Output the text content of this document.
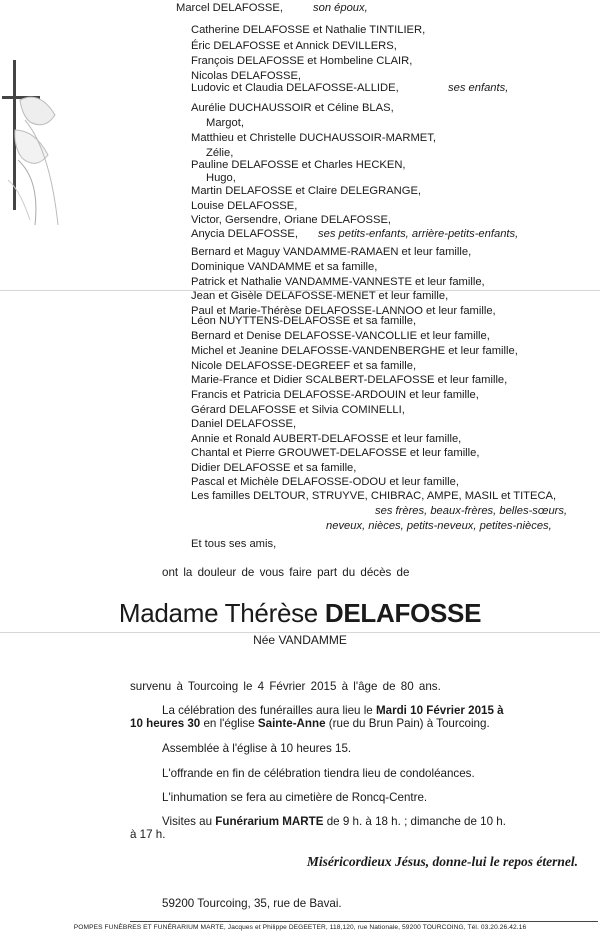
Marcel DELAFOSSE,	son époux,
Catherine DELAFOSSE et Nathalie TINTILIER,
Éric DELAFOSSE et Annick DEVILLERS,
François DELAFOSSE et Hombeline CLAIR,
Nicolas DELAFOSSE,
Ludovic et Claudia DELAFOSSE-ALLIDE,	ses enfants,
Aurélie DUCHAUSSOIR et Céline BLAS,
Margot,
Matthieu et Christelle DUCHAUSSOIR-MARMET,
Zélie,
Pauline DELAFOSSE et Charles HECKEN,
Hugo,
Martin DELAFOSSE et Claire DELEGRANGE,
Louise DELAFOSSE,
Victor, Gersendre, Oriane DELAFOSSE,
Anycia DELAFOSSE, ses petits-enfants, arrière-petits-enfants,
Bernard et Maguy VANDAMME-RAMAEN et leur famille,
Dominique VANDAMME et sa famille,
Patrick et Nathalie VANDAMME-VANNESTE et leur famille,
Jean et Gisèle DELAFOSSE-MENET et leur famille,
Paul et Marie-Thérèse DELAFOSSE-LANNOO et leur famille,
Léon NUYTTENS-DELAFOSSE et sa famille,
Bernard et Denise DELAFOSSE-VANCOLLIE et leur famille,
Michel et Jeanine DELAFOSSE-VANDENBERGHE et leur famille,
Nicole DELAFOSSE-DEGREEF et sa famille,
Marie-France et Didier SCALBERT-DELAFOSSE et leur famille,
Francis et Patricia DELAFOSSE-ARDOUIN et leur famille,
Gérard DELAFOSSE et Silvia COMINELLI,
Daniel DELAFOSSE,
Annie et Ronald AUBERT-DELAFOSSE et leur famille,
Chantal et Pierre GROUWET-DELAFOSSE et leur famille,
Didier DELAFOSSE et sa famille,
Pascal et Michèle DELAFOSSE-ODOU et leur famille,
Les familles DELTOUR, STRUYVE, CHIBRAC, AMPE, MASIL et TITECA,
ses frères, beaux-frères, belles-sœurs,
neveux, nièces, petits-neveux, petites-nièces,
Et tous ses amis,
ont la douleur de vous faire part du décès de
Madame Thérèse DELAFOSSE
Née VANDAMME
survenu à Tourcoing le 4 Février 2015 à l'âge de 80 ans.
La célébration des funérailles aura lieu le Mardi 10 Février 2015 à
10 heures 30 en l'église Sainte-Anne (rue du Brun Pain) à Tourcoing.
Assemblée à l'église à 10 heures 15.
L'offrande en fin de célébration tiendra lieu de condoléances.
L'inhumation se fera au cimetière de Roncq-Centre.
Visites au Funérarium MARTE de 9 h. à 18 h. ; dimanche de 10 h.
à 17 h.
Miséricordieux Jésus, donne-lui le repos éternel.
59200 Tourcoing, 35, rue de Bavai.
POMPES FUNÈBRES ET FUNÉRARIUM MARTE, Jacques et Philippe DEGEETER, 118,120, rue Nationale, 59200 TOURCOING, Tél. 03.20.26.42.16
